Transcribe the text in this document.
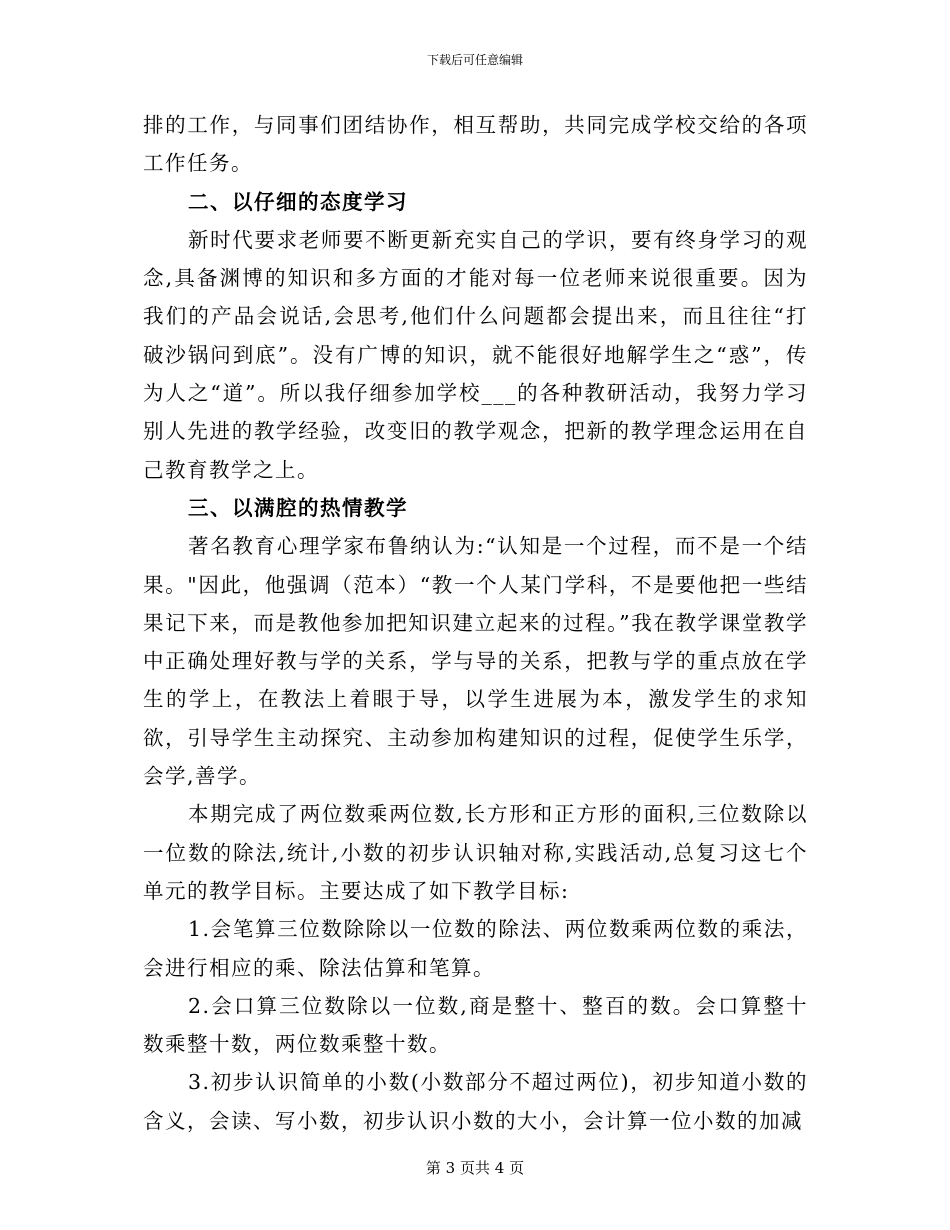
下载后可任意编辑

排的工作，与同事们团结协作，相互帮助，共同完成学校交给的各项工作任务。

二、以仔细的态度学习

新时代要求老师要不断更新充实自己的学识，要有终身学习的观念,具备渊博的知识和多方面的才能对每一位老师来说很重要。因为我们的产品会说话,会思考,他们什么问题都会提出来，而且往往“打破沙锅问到底”。没有广博的知识，就不能很好地解学生之“惑”，传为人之“道”。所以我仔细参加学校___的各种教研活动，我努力学习别人先进的教学经验，改变旧的教学观念，把新的教学理念运用在自己教育教学之上。

三、以满腔的热情教学

著名教育心理学家布鲁纳认为:“认知是一个过程，而不是一个结果。"因此，他强调（范本）“教一个人某门学科，不是要他把一些结果记下来，而是教他参加把知识建立起来的过程。”我在教学课堂教学中正确处理好教与学的关系，学与导的关系，把教与学的重点放在学生的学上，在教法上着眼于导，以学生进展为本，激发学生的求知欲，引导学生主动探究、主动参加构建知识的过程，促使学生乐学，会学,善学。

本期完成了两位数乘两位数,长方形和正方形的面积,三位数除以一位数的除法,统计,小数的初步认识轴对称,实践活动,总复习这七个单元的教学目标。主要达成了如下教学目标:

1.会笔算三位数除除以一位数的除法、两位数乘两位数的乘法，会进行相应的乘、除法估算和笔算。

2.会口算三位数除以一位数,商是整十、整百的数。会口算整十数乘整十数，两位数乘整十数。

3.初步认识简单的小数(小数部分不超过两位)，初步知道小数的含义，会读、写小数，初步认识小数的大小，会计算一位小数的加减

第 3 页共 4 页
